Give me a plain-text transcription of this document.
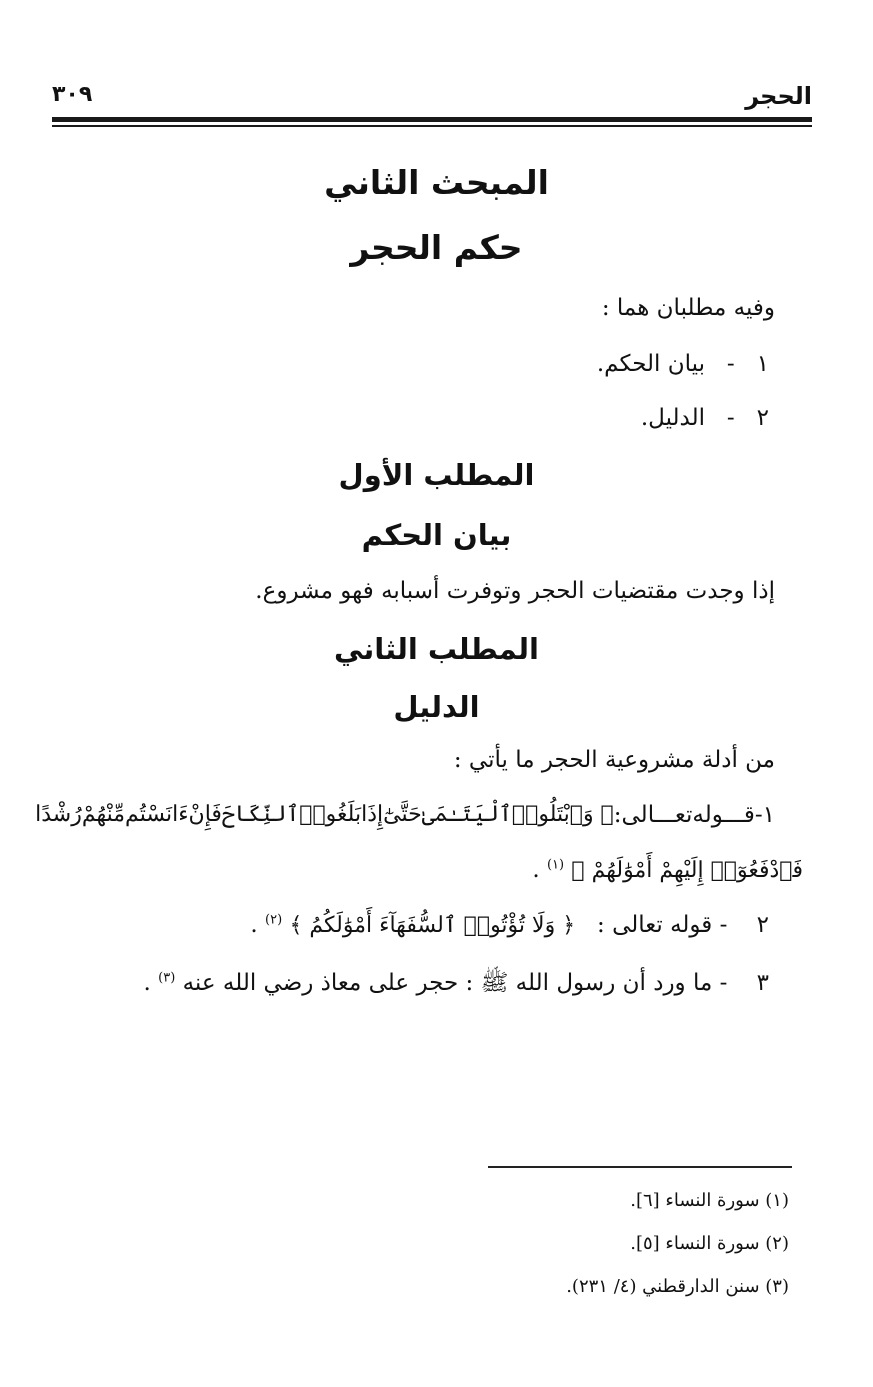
الحجر
٣٠٩
المبحث الثاني
حكم الحجر
وفيه مطلبان هما :
١   -   بيان الحكم.
٢   -   الدليل.
المطلب الأول
بيان الحكم
إذا وجدت مقتضيات الحجر وتوفرت أسبابه فهو مشروع.
المطلب الثاني
الدليل
من أدلة مشروعية الحجر ما يأتي :
١
-
قـــوله
تعـــالى
:
﴿ وَٱبْتَلُوا۟
ٱلْيَتَـٰمَىٰ
حَتَّىٰٓ
إِذَا
بَلَغُوا۟
ٱلنِّكَاحَ
فَإِنْ
ءَانَسْتُم
مِّنْهُمْ
رُشْدًا
فَٱدْفَعُوٓا۟ إِلَيْهِمْ أَمْوَٰلَهُمْ ﴾ $^{(١)}$ .
٢    - قوله تعالى :   ﴿ وَلَا تُؤْتُوا۟ ٱلسُّفَهَآءَ أَمْوَٰلَكُمُ ﴾ $^{(٢)}$ .
٣    - ما ورد أن رسول الله ﷺ : حجر على معاذ رضي الله عنه $^{(٣)}$ .
(١) سورة النساء [٦].
(٢) سورة النساء [٥].
(٣) سنن الدارقطني (٤/ ٢٣١).
